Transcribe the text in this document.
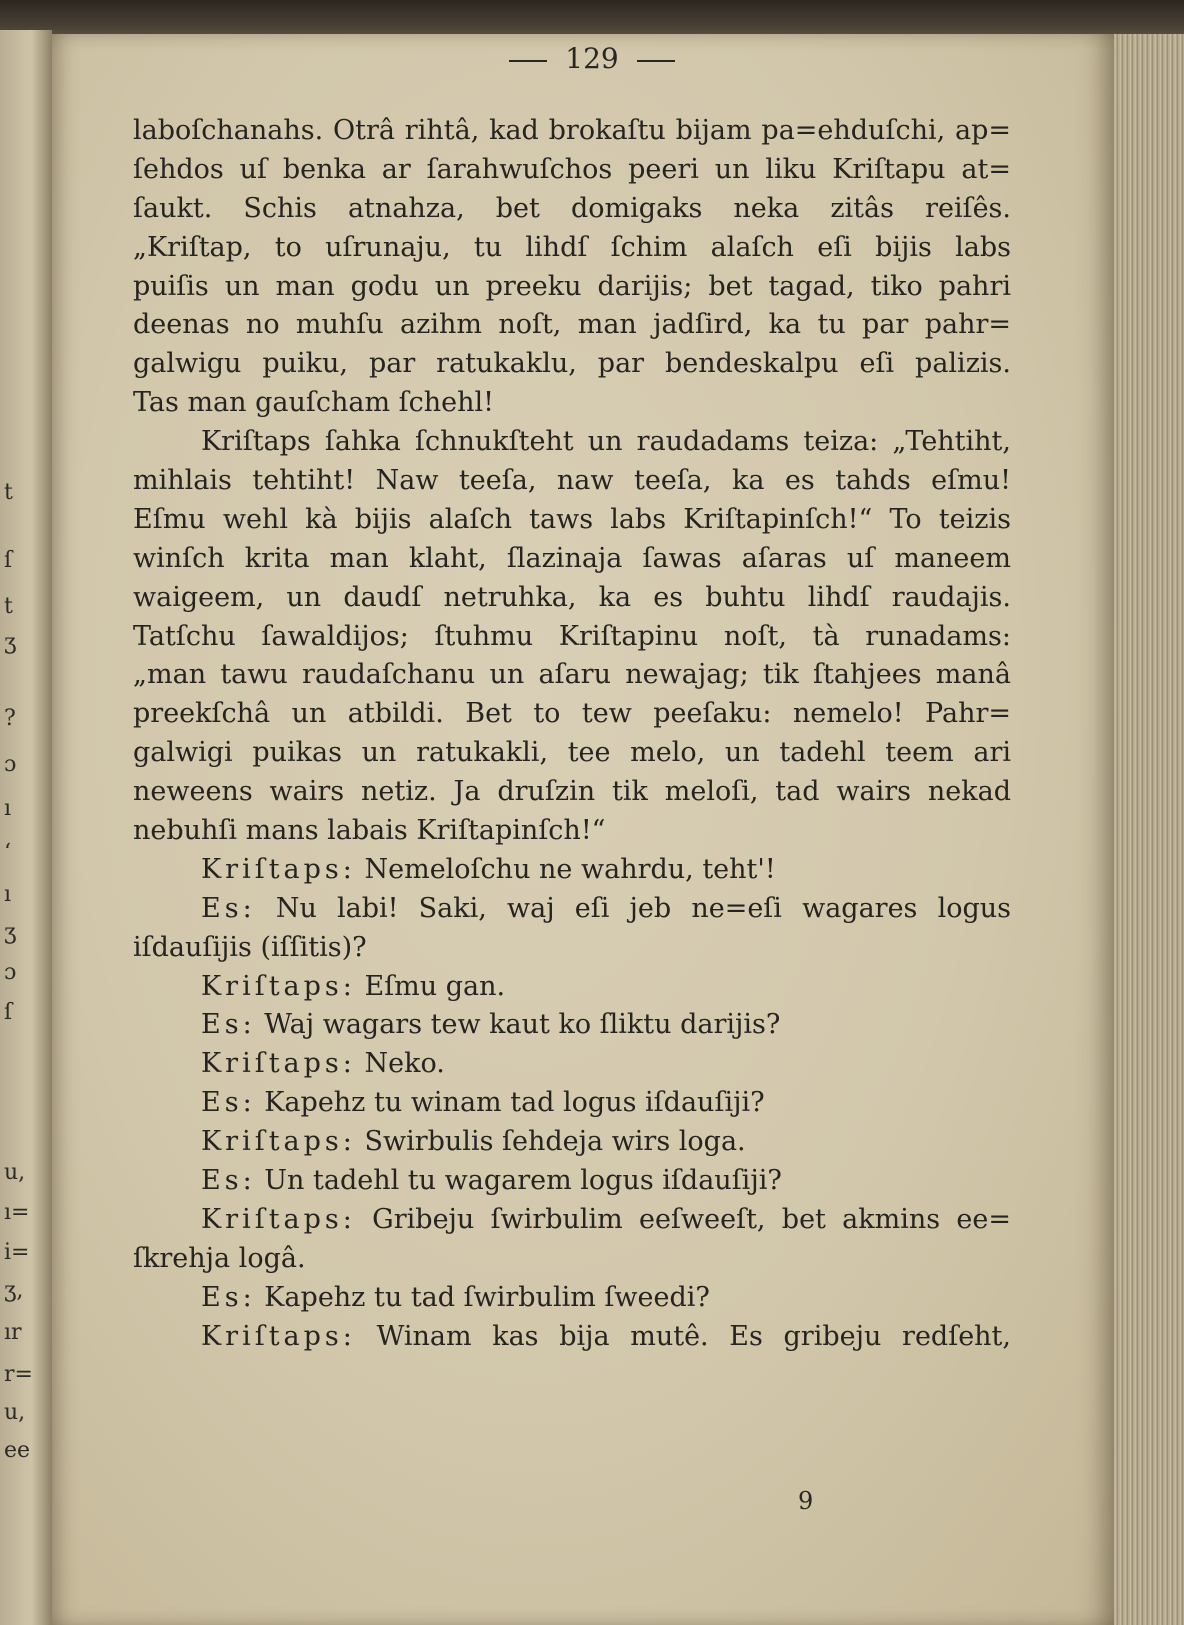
t
ſ
t
ʒ
?
ɔ
ı
ʻ
ı
ʒ
ɔ
ſ
u,
ı=
i=
ʒ,
ır
r=
u,
ee
129
laboſchanahs. Otrâ rihtâ, kad brokaſtu bijam pa=ehduſchi, ap=
ſehdos uſ benka ar ſarahwuſchos peeri un liku Kriſtapu at=
ſaukt. Schis atnahza, bet domigaks neka zitâs reiſês.
„Kriſtap, to uſrunaju, tu lihdſ ſchim alaſch eſi bijis labs
puiſis un man godu un preeku darijis; bet tagad, tiko pahri
deenas no muhſu azihm noſt, man jadſird, ka tu par pahr=
galwigu puiku, par ratukaklu, par bendeskalpu eſi palizis.
Tas man gauſcham ſchehl!
Kriſtaps ſahka ſchnukſteht un raudadams teiza: „Tehtiht,
mihlais tehtiht! Naw teeſa, naw teeſa, ka es tahds eſmu!
Eſmu wehl kà bijis alaſch taws labs Kriſtapinſch!“ To teizis
winſch krita man klaht, ſlazinaja ſawas aſaras uſ maneem
waigeem, un daudſ netruhka, ka es buhtu lihdſ raudajis.
Tatſchu ſawaldijos; ſtuhmu Kriſtapinu noſt, tà runadams:
„man tawu raudaſchanu un aſaru newajag; tik ſtahjees manâ
preekſchâ un atbildi. Bet to tew peeſaku: nemelo! Pahr=
galwigi puikas un ratukakli, tee melo, un tadehl teem ari
neweens wairs netiz. Ja druſzin tik meloſi, tad wairs nekad
nebuhſi mans labais Kriſtapinſch!“
Kriſtaps: Nemeloſchu ne wahrdu, teht'!
Es: Nu labi! Saki, waj eſi jeb ne=eſi wagares logus
iſdauſijis (iſſitis)?
Kriſtaps: Eſmu gan.
Es: Waj wagars tew kaut ko ſliktu darijis?
Kriſtaps: Neko.
Es: Kapehz tu winam tad logus iſdauſiji?
Kriſtaps: Swirbulis ſehdeja wirs loga.
Es: Un tadehl tu wagarem logus iſdauſiji?
Kriſtaps: Gribeju ſwirbulim eeſweeſt, bet akmins ee=
ſkrehja logâ.
Es: Kapehz tu tad ſwirbulim ſweedi?
Kriſtaps: Winam kas bija mutê. Es gribeju redſeht,
9
